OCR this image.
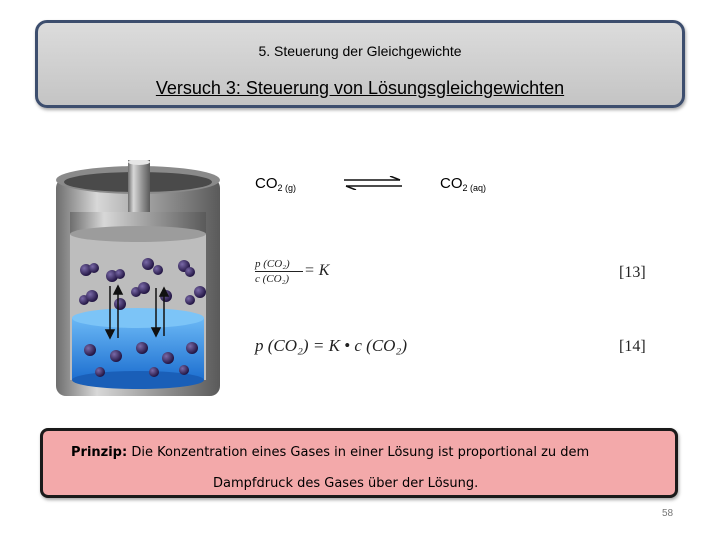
5. Steuerung der Gleichgewichte
Versuch 3: Steuerung von Lösungsgleichgewichten
$CO_{2 (g)}$	$CO_{2 (aq)}$
$\frac{\text{p (CO₂)}}{\text{c (CO₂)}} = K$	[13]
p (CO₂) = K • c (CO₂)	[14]
Prinzip: Die Konzentration eines Gases in einer Lösung ist proportional zu dem
Dampfdruck des Gases über der Lösung.
58
